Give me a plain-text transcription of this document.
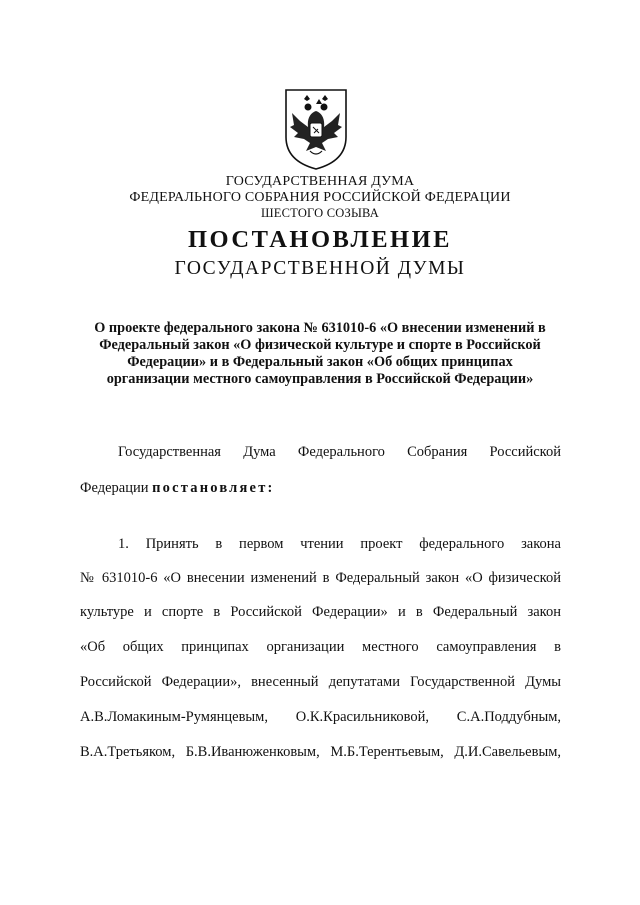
ГОСУДАРСТВЕННАЯ ДУМА
ФЕДЕРАЛЬНОГО СОБРАНИЯ РОССИЙСКОЙ ФЕДЕРАЦИИ
ШЕСТОГО СОЗЫВА
ПОСТАНОВЛЕНИЕ
ГОСУДАРСТВЕННОЙ ДУМЫ
О проекте федерального закона № 631010-6 «О внесении изменений в
Федеральный закон «О физической культуре и спорте в Российской
Федерации» и в Федеральный закон «Об общих принципах
организации местного самоуправления в Российской Федерации»
Государственная Дума Федерального Собрания Российской
Федерации постановляет:
1. Принять в первом чтении проект федерального закона
№ 631010-6 «О внесении изменений в Федеральный закон «О физической
культуре и спорте в Российской Федерации» и в Федеральный закон
«Об общих принципах организации местного самоуправления в
Российской Федерации», внесенный депутатами Государственной Думы
А.В.Ломакиным-Румянцевым, О.К.Красильниковой, С.А.Поддубным,
В.А.Третьяком, Б.В.Иванюженковым, М.Б.Терентьевым, Д.И.Савельевым,
